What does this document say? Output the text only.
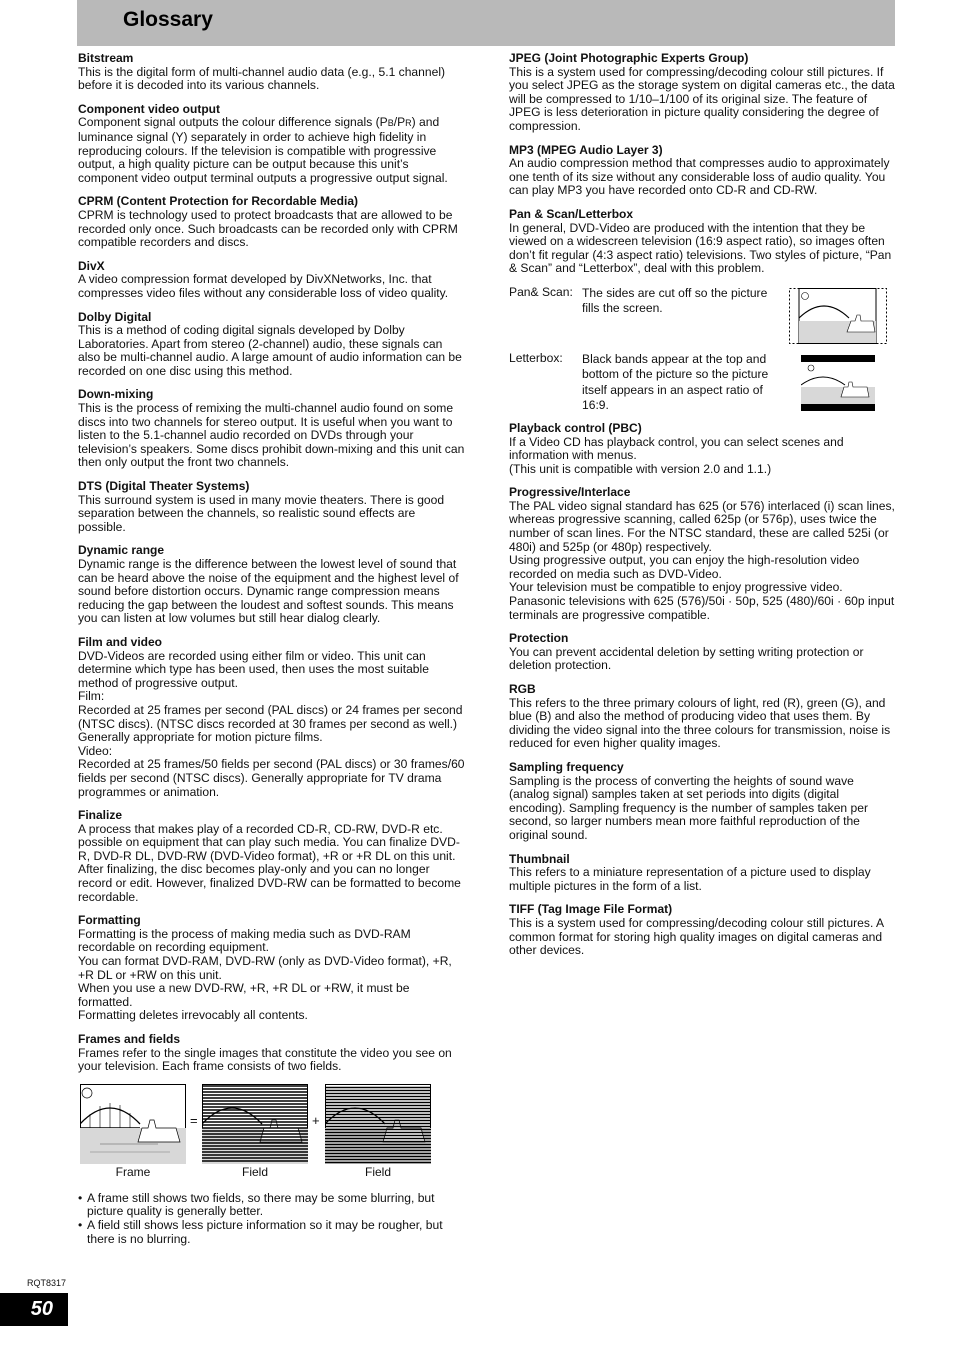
Glossary
Bitstream
This is the digital form of multi-channel audio data (e.g., 5.1 channel) before it is decoded into its various channels.
Component video output
Component signal outputs the colour difference signals (PB/PR) and luminance signal (Y) separately in order to achieve high fidelity in reproducing colours. If the television is compatible with progressive output, a high quality picture can be output because this unit’s component video output terminal outputs a progressive output signal.
CPRM (Content Protection for Recordable Media)
CPRM is technology used to protect broadcasts that are allowed to be recorded only once. Such broadcasts can be recorded only with CPRM compatible recorders and discs.
DivX
A video compression format developed by DivXNetworks, Inc. that compresses video files without any considerable loss of video quality.
Dolby Digital
This is a method of coding digital signals developed by Dolby Laboratories. Apart from stereo (2-channel) audio, these signals can also be multi-channel audio. A large amount of audio information can be recorded on one disc using this method.
Down-mixing
This is the process of remixing the multi-channel audio found on some discs into two channels for stereo output. It is useful when you want to listen to the 5.1-channel audio recorded on DVDs through your television’s speakers. Some discs prohibit down-mixing and this unit can then only output the front two channels.
DTS (Digital Theater Systems)
This surround system is used in many movie theaters. There is good separation between the channels, so realistic sound effects are possible.
Dynamic range
Dynamic range is the difference between the lowest level of sound that can be heard above the noise of the equipment and the highest level of sound before distortion occurs. Dynamic range compression means reducing the gap between the loudest and softest sounds. This means you can listen at low volumes but still hear dialog clearly.
Film and video
DVD-Videos are recorded using either film or video. This unit can determine which type has been used, then uses the most suitable method of progressive output.
Film:
Recorded at 25 frames per second (PAL discs) or 24 frames per second (NTSC discs). (NTSC discs recorded at 30 frames per second as well.) Generally appropriate for motion picture films.
Video:
Recorded at 25 frames/50 fields per second (PAL discs) or 30 frames/60 fields per second (NTSC discs). Generally appropriate for TV drama programmes or animation.
Finalize
A process that makes play of a recorded CD-R, CD-RW, DVD-R etc. possible on equipment that can play such media. You can finalize DVD-R, DVD-R DL, DVD-RW (DVD-Video format), +R or +R DL on this unit.
After finalizing, the disc becomes play-only and you can no longer record or edit. However, finalized DVD-RW can be formatted to become recordable.
Formatting
Formatting is the process of making media such as DVD-RAM recordable on recording equipment.
You can format DVD-RAM, DVD-RW (only as DVD-Video format), +R, +R DL or +RW on this unit.
When you use a new DVD-RW, +R, +R DL or +RW, it must be formatted.
Formatting deletes irrevocably all contents.
Frames and fields
Frames refer to the single images that constitute the video you see on your television. Each frame consists of two fields.
=	+
Frame	Field	Field
• A frame still shows two fields, so there may be some blurring, but picture quality is generally better.
• A field still shows less picture information so it may be rougher, but there is no blurring.
JPEG (Joint Photographic Experts Group)
This is a system used for compressing/decoding colour still pictures. If you select JPEG as the storage system on digital cameras etc., the data will be compressed to 1/10–1/100 of its original size. The feature of JPEG is less deterioration in picture quality considering the degree of compression.
MP3 (MPEG Audio Layer 3)
An audio compression method that compresses audio to approximately one tenth of its size without any considerable loss of audio quality. You can play MP3 you have recorded onto CD-R and CD-RW.
Pan & Scan/Letterbox
In general, DVD-Video are produced with the intention that they be viewed on a widescreen television (16:9 aspect ratio), so images often don’t fit regular (4:3 aspect ratio) televisions. Two styles of picture, “Pan & Scan” and “Letterbox”, deal with this problem.
Pan& Scan: The sides are cut off so the picture fills the screen.
Letterbox: Black bands appear at the top and bottom of the picture so the picture itself appears in an aspect ratio of 16:9.
Playback control (PBC)
If a Video CD has playback control, you can select scenes and information with menus.
(This unit is compatible with version 2.0 and 1.1.)
Progressive/Interlace
The PAL video signal standard has 625 (or 576) interlaced (i) scan lines, whereas progressive scanning, called 625p (or 576p), uses twice the number of scan lines. For the NTSC standard, these are called 525i (or 480i) and 525p (or 480p) respectively.
Using progressive output, you can enjoy the high-resolution video recorded on media such as DVD-Video.
Your television must be compatible to enjoy progressive video.
Panasonic televisions with 625 (576)/50i · 50p, 525 (480)/60i · 60p input terminals are progressive compatible.
Protection
You can prevent accidental deletion by setting writing protection or deletion protection.
RGB
This refers to the three primary colours of light, red (R), green (G), and blue (B) and also the method of producing video that uses them. By dividing the video signal into the three colours for transmission, noise is reduced for even higher quality images.
Sampling frequency
Sampling is the process of converting the heights of sound wave (analog signal) samples taken at set periods into digits (digital encoding). Sampling frequency is the number of samples taken per second, so larger numbers mean more faithful reproduction of the original sound.
Thumbnail
This refers to a miniature representation of a picture used to display multiple pictures in the form of a list.
TIFF (Tag Image File Format)
This is a system used for compressing/decoding colour still pictures. A common format for storing high quality images on digital cameras and other devices.
RQT8317
50
